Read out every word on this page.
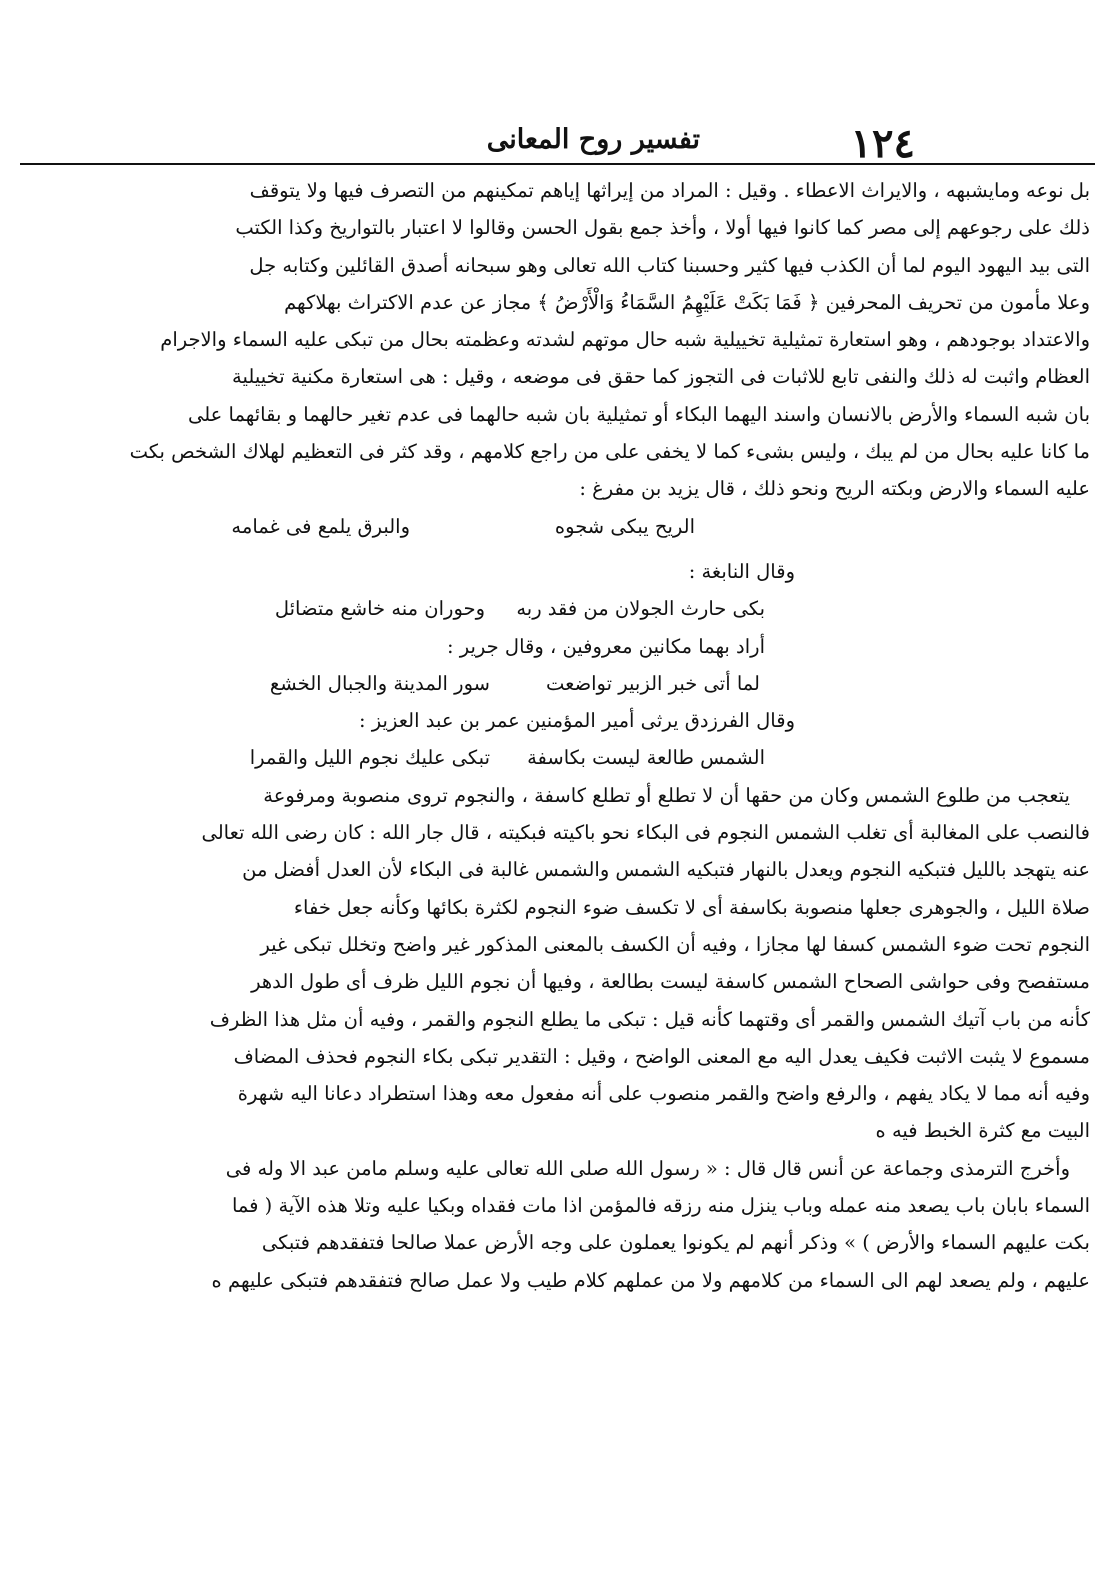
١٢٤
تفسير روح المعانى
بل نوعه ومايشبهه ، والايراث الاعطاء . وقيل : المراد من إيراثها إياهم تمكينهم من التصرف فيها ولا يتوقف
ذلك على رجوعهم إلى مصر كما كانوا فيها أولا ، وأخذ جمع بقول الحسن وقالوا لا اعتبار بالتواريخ وكذا الكتب
التى بيد اليهود اليوم لما أن الكذب فيها كثير وحسبنا كتاب الله تعالى وهو سبحانه أصدق القائلين وكتابه جل
وعلا مأمون من تحريف المحرفين ﴿ فَمَا بَكَتْ عَلَيْهِمُ السَّمَاءُ وَالْأَرْضُ ﴾ مجاز عن عدم الاكتراث بهلاكهم
والاعتداد بوجودهم ، وهو استعارة تمثيلية تخييلية شبه حال موتهم لشدته وعظمته بحال من تبكى عليه السماء والاجرام
العظام واثبت له ذلك والنفى تابع للاثبات فى التجوز كما حقق فى موضعه ، وقيل : هى استعارة مكنية تخييلية
بان شبه السماء والأرض بالانسان واسند اليهما البكاء أو تمثيلية بان شبه حالهما فى عدم تغير حالهما و بقائهما على
ما كانا عليه بحال من لم يبك ، وليس بشىء كما لا يخفى على من راجع كلامهم ، وقد كثر فى التعظيم لهلاك الشخص بكت
عليه السماء والارض وبكته الريح ونحو ذلك ، قال يزيد بن مفرغ :
الريح يبكى شجوه
والبرق يلمع فى غمامه
وقال النابغة :
بكى حارث الجولان من فقد ربه
وحوران منه خاشع متضائل
أراد بهما مكانين معروفين ، وقال جرير :
لما أتى خبر الزبير تواضعت
سور المدينة والجبال الخشع
وقال الفرزدق يرثى أمير المؤمنين عمر بن عبد العزيز :
الشمس طالعة ليست بكاسفة
تبكى عليك نجوم الليل والقمرا
يتعجب من طلوع الشمس وكان من حقها أن لا تطلع أو تطلع كاسفة ، والنجوم تروى منصوبة ومرفوعة
فالنصب على المغالبة أى تغلب الشمس النجوم فى البكاء نحو باكيته فبكيته ، قال جار الله : كان رضى الله تعالى
عنه يتهجد بالليل فتبكيه النجوم ويعدل بالنهار فتبكيه الشمس والشمس غالبة فى البكاء لأن العدل أفضل من
صلاة الليل ، والجوهرى جعلها منصوبة بكاسفة أى لا تكسف ضوء النجوم لكثرة بكائها وكأنه جعل خفاء
النجوم تحت ضوء الشمس كسفا لها مجازا ، وفيه أن الكسف بالمعنى المذكور غير واضح وتخلل تبكى غير
مستفصح وفى حواشى الصحاح الشمس كاسفة ليست بطالعة ، وفيها أن نجوم الليل ظرف أى طول الدهر
كأنه من باب آتيك الشمس والقمر أى وقتهما كأنه قيل : تبكى ما يطلع النجوم والقمر ، وفيه أن مثل هذا الظرف
مسموع لا يثبت الاثبت فكيف يعدل اليه مع المعنى الواضح ، وقيل : التقدير تبكى بكاء النجوم فحذف المضاف
وفيه أنه مما لا يكاد يفهم ، والرفع واضح والقمر منصوب على أنه مفعول معه وهذا استطراد دعانا اليه شهرة
البيت مع كثرة الخبط فيه ه
وأخرج الترمذى وجماعة عن أنس قال قال : « رسول الله صلى الله تعالى عليه وسلم مامن عبد الا وله فى
السماء بابان باب يصعد منه عمله وباب ينزل منه رزقه فالمؤمن اذا مات فقداه وبكيا عليه وتلا هذه الآية ( فما
بكت عليهم السماء والأرض ) » وذكر أنهم لم يكونوا يعملون على وجه الأرض عملا صالحا فتفقدهم فتبكى
عليهم ، ولم يصعد لهم الى السماء من كلامهم ولا من عملهم كلام طيب ولا عمل صالح فتفقدهم فتبكى عليهم ه
